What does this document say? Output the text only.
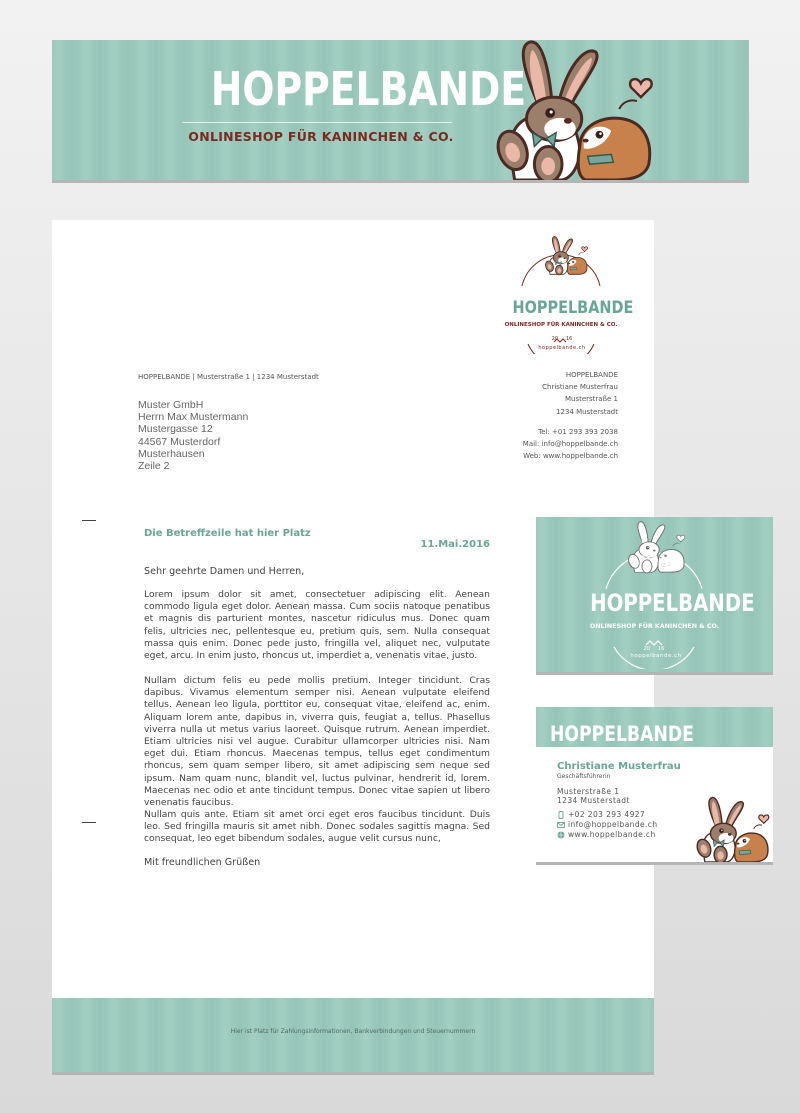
HOPPELBANDE
ONLINESHOP FÜR KANINCHEN & CO.
HOPPELBANDE
ONLINESHOP FÜR KANINCHEN & CO.
20 16
hoppelbande.ch
HOPPELBANDE | Musterstraße 1 | 1234 Musterstadt
Muster GmbH
Herrn Max Mustermann
Mustergasse 12
44567 Musterdorf
Musterhausen
Zeile 2
HOPPELBANDE
Christiane Musterfrau
Musterstraße 1
1234 Musterstadt
Tel: +01 293 393 2038
Mail: info@hoppelbande.ch
Web: www.hoppelbande.ch
Die Betreffzeile hat hier Platz
11.Mai.2016
Sehr geehrte Damen und Herren,
Lorem ipsum dolor sit amet, consectetuer adipiscing elit. Aenean commodo ligula eget dolor. Aenean massa. Cum sociis natoque penatibus et magnis dis parturient montes, nascetur ridiculus mus. Donec quam felis, ultricies nec, pellentesque eu, pretium quis, sem. Nulla consequat massa quis enim. Donec pede justo, fringilla vel, aliquet nec, vulputate eget, arcu. In enim justo, rhoncus ut, imperdiet a, venenatis vitae, justo.
Nullam dictum felis eu pede mollis pretium. Integer tincidunt. Cras dapibus. Vivamus elementum semper nisi. Aenean vulputate eleifend tellus. Aenean leo ligula, porttitor eu, consequat vitae, eleifend ac, enim. Aliquam lorem ante, dapibus in, viverra quis, feugiat a, tellus. Phasellus viverra nulla ut metus varius laoreet. Quisque rutrum. Aenean imperdiet. Etiam ultricies nisi vel augue. Curabitur ullamcorper ultricies nisi. Nam eget dui. Etiam rhoncus. Maecenas tempus, tellus eget condimentum rhoncus, sem quam semper libero, sit amet adipiscing sem neque sed ipsum. Nam quam nunc, blandit vel, luctus pulvinar, hendrerit id, lorem. Maecenas nec odio et ante tincidunt tempus. Donec vitae sapien ut libero venenatis faucibus.
Nullam quis ante. Etiam sit amet orci eget eros faucibus tincidunt. Duis leo. Sed fringilla mauris sit amet nibh. Donec sodales sagittis magna. Sed consequat, leo eget bibendum sodales, augue velit cursus nunc,
Mit freundlichen Grüßen
Hier ist Platz für Zahlungsinformationen, Bankverbindungen und Steuernummern
HOPPELBANDE
ONLINESHOP FÜR KANINCHEN & CO.
20 16
hoppelbande.ch
HOPPELBANDE
Christiane Musterfrau
Geschäftsführerin
Musterstraße 1
1234 Musterstadt
+02 203 293 4927
info@hoppelbande.ch
www.hoppelbande.ch
